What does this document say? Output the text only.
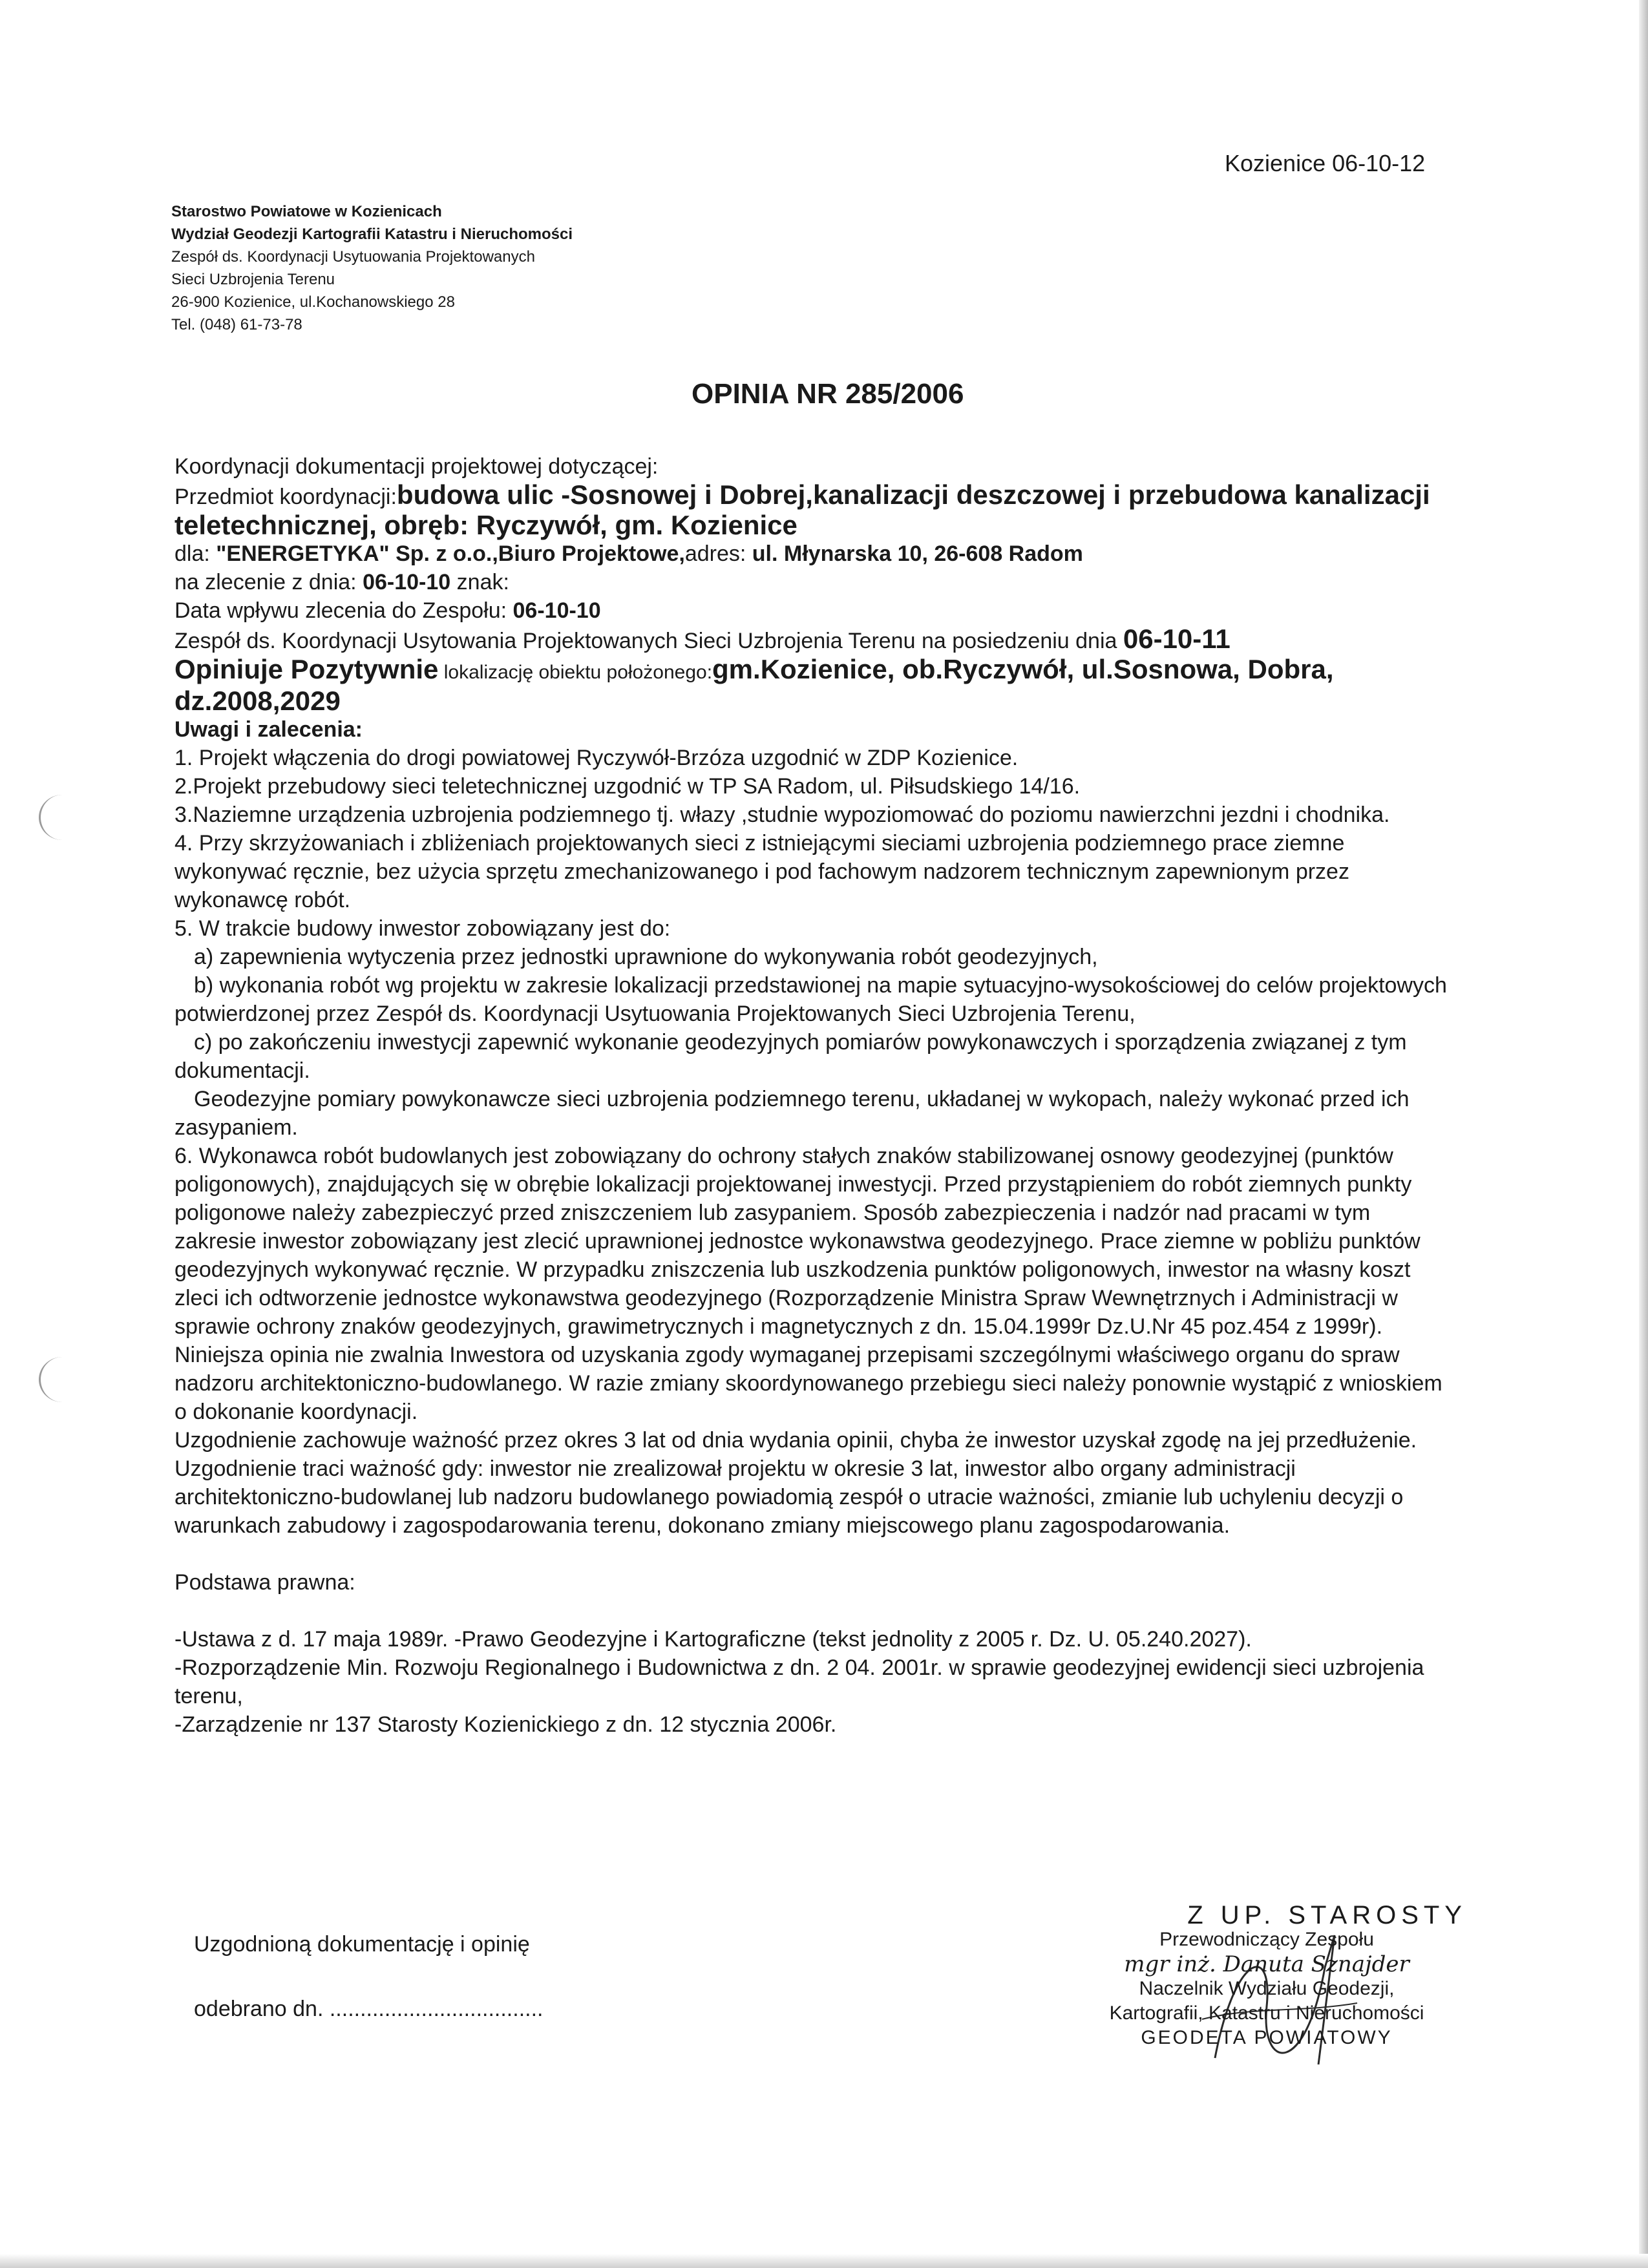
Kozienice 06-10-12
Starostwo Powiatowe w Kozienicach
Wydział Geodezji Kartografii Katastru i Nieruchomości
Zespół ds. Koordynacji Usytuowania Projektowanych
Sieci Uzbrojenia Terenu
26-900 Kozienice, ul.Kochanowskiego 28
Tel. (048) 61-73-78
OPINIA NR 285/2006
Koordynacji dokumentacji projektowej dotyczącej:
Przedmiot koordynacji:budowa ulic -Sosnowej i Dobrej,kanalizacji deszczowej i przebudowa kanalizacji
teletechnicznej, obręb: Ryczywół, gm. Kozienice
dla: "ENERGETYKA" Sp. z o.o.,Biuro Projektowe,adres: ul. Młynarska 10, 26-608 Radom
na zlecenie z dnia: 06-10-10 znak:
Data wpływu zlecenia do Zespołu: 06-10-10
Zespół ds. Koordynacji Usytowania Projektowanych Sieci Uzbrojenia Terenu na posiedzeniu dnia 06-10-11
Opiniuje Pozytywnie lokalizację obiektu położonego:gm.Kozienice, ob.Ryczywół, ul.Sosnowa, Dobra,
dz.2008,2029
Uwagi i zalecenia:
1. Projekt włączenia do drogi powiatowej Ryczywół-Brzóza uzgodnić w ZDP Kozienice.
2.Projekt przebudowy sieci teletechnicznej uzgodnić w TP SA Radom, ul. Piłsudskiego 14/16.
3.Naziemne urządzenia uzbrojenia podziemnego tj. włazy ,studnie wypoziomować do poziomu nawierzchni jezdni i chodnika.
4. Przy skrzyżowaniach i zbliżeniach projektowanych sieci z istniejącymi sieciami uzbrojenia podziemnego prace ziemne
wykonywać ręcznie, bez użycia sprzętu zmechanizowanego i pod fachowym nadzorem technicznym zapewnionym przez
wykonawcę robót.
5. W trakcie budowy inwestor zobowiązany jest do:
a) zapewnienia wytyczenia przez jednostki uprawnione do wykonywania robót geodezyjnych,
b) wykonania robót wg projektu w zakresie lokalizacji przedstawionej na mapie sytuacyjno-wysokościowej do celów projektowych
potwierdzonej przez Zespół ds. Koordynacji Usytuowania Projektowanych Sieci Uzbrojenia Terenu,
c) po zakończeniu inwestycji zapewnić wykonanie geodezyjnych pomiarów powykonawczych i sporządzenia związanej z tym
dokumentacji.
Geodezyjne pomiary powykonawcze sieci uzbrojenia podziemnego terenu, układanej w wykopach, należy wykonać przed ich
zasypaniem.
6. Wykonawca robót budowlanych jest zobowiązany do ochrony stałych znaków stabilizowanej osnowy geodezyjnej (punktów
poligonowych), znajdujących się w obrębie lokalizacji projektowanej inwestycji. Przed przystąpieniem do robót ziemnych punkty
poligonowe należy zabezpieczyć przed zniszczeniem lub zasypaniem. Sposób zabezpieczenia i nadzór nad pracami w tym
zakresie inwestor zobowiązany jest zlecić uprawnionej jednostce wykonawstwa geodezyjnego. Prace ziemne w pobliżu punktów
geodezyjnych wykonywać ręcznie. W przypadku zniszczenia lub uszkodzenia punktów poligonowych, inwestor na własny koszt
zleci ich odtworzenie jednostce wykonawstwa geodezyjnego (Rozporządzenie Ministra Spraw Wewnętrznych i Administracji w
sprawie ochrony znaków geodezyjnych, grawimetrycznych i magnetycznych z dn. 15.04.1999r Dz.U.Nr 45 poz.454 z 1999r).
Niniejsza opinia nie zwalnia Inwestora od uzyskania zgody wymaganej przepisami szczególnymi właściwego organu do spraw
nadzoru architektoniczno-budowlanego. W razie zmiany skoordynowanego przebiegu sieci należy ponownie wystąpić z wnioskiem
o dokonanie koordynacji.
Uzgodnienie zachowuje ważność przez okres 3 lat od dnia wydania opinii, chyba że inwestor uzyskał zgodę na jej przedłużenie.
Uzgodnienie traci ważność gdy: inwestor nie zrealizował projektu w okresie 3 lat, inwestor albo organy administracji
architektoniczno-budowlanej lub nadzoru budowlanego powiadomią zespół o utracie ważności, zmianie lub uchyleniu decyzji o
warunkach zabudowy i zagospodarowania terenu, dokonano zmiany miejscowego planu zagospodarowania.
Podstawa prawna:
-Ustawa z d. 17 maja 1989r. -Prawo Geodezyjne i Kartograficzne (tekst jednolity z 2005 r. Dz. U. 05.240.2027).
-Rozporządzenie Min. Rozwoju Regionalnego i Budownictwa z dn. 2 04. 2001r. w sprawie geodezyjnej ewidencji sieci uzbrojenia
terenu,
-Zarządzenie nr 137 Starosty Kozienickiego z dn. 12 stycznia 2006r.
Uzgodnioną dokumentację i opinię
odebrano dn. ...................................
Z UP. STAROSTY
Przewodniczący Zespołu
mgr inż. Danuta Sznajder
Naczelnik Wydziału Geodezji,
Kartografii, Katastru i Nieruchomości
GEODETA POWIATOWY
